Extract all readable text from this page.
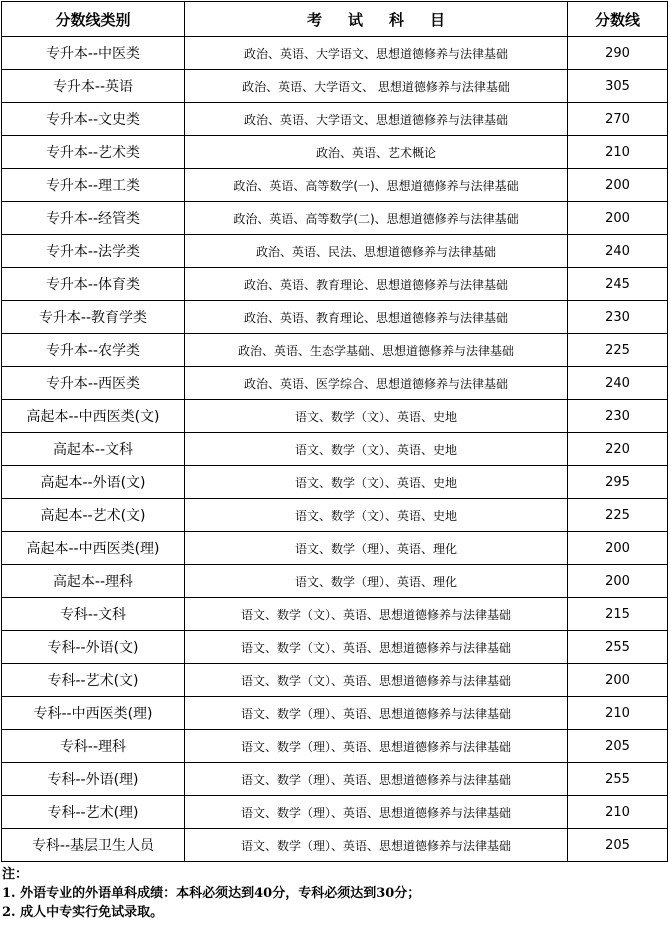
分数线类别	考试科目	分数线
专升本--中医类	政治、英语、大学语文、思想道德修养与法律基础	290
专升本--英语	政治、英语、大学语文、 思想道德修养与法律基础	305
专升本--文史类	政治、英语、大学语文、思想道德修养与法律基础	270
专升本--艺术类	政治、英语、艺术概论	210
专升本--理工类	政治、英语、高等数学(一)、思想道德修养与法律基础	200
专升本--经管类	政治、英语、高等数学(二)、思想道德修养与法律基础	200
专升本--法学类	政治、英语、民法、思想道德修养与法律基础	240
专升本--体育类	政治、英语、教育理论、思想道德修养与法律基础	245
专升本--教育学类	政治、英语、教育理论、思想道德修养与法律基础	230
专升本--农学类	政治、英语、生态学基础、思想道德修养与法律基础	225
专升本--西医类	政治、英语、医学综合、思想道德修养与法律基础	240
高起本--中西医类(文)	语文、数学（文）、英语、史地	230
高起本--文科	语文、数学（文）、英语、史地	220
高起本--外语(文)	语文、数学（文）、英语、史地	295
高起本--艺术(文)	语文、数学（文）、英语、史地	225
高起本--中西医类(理)	语文、数学（理）、英语、理化	200
高起本--理科	语文、数学（理）、英语、理化	200
专科--文科	语文、数学（文）、英语、思想道德修养与法律基础	215
专科--外语(文)	语文、数学（文）、英语、思想道德修养与法律基础	255
专科--艺术(文)	语文、数学（文）、英语、思想道德修养与法律基础	200
专科--中西医类(理)	语文、数学（理）、英语、思想道德修养与法律基础	210
专科--理科	语文、数学（理）、英语、思想道德修养与法律基础	205
专科--外语(理)	语文、数学（理）、英语、思想道德修养与法律基础	255
专科--艺术(理)	语文、数学（理）、英语、思想道德修养与法律基础	210
专科--基层卫生人员	语文、数学（理）、英语、思想道德修养与法律基础	205
注：
1. 外语专业的外语单科成绩：本科必须达到40分，专科必须达到30分；
2. 成人中专实行免试录取。
